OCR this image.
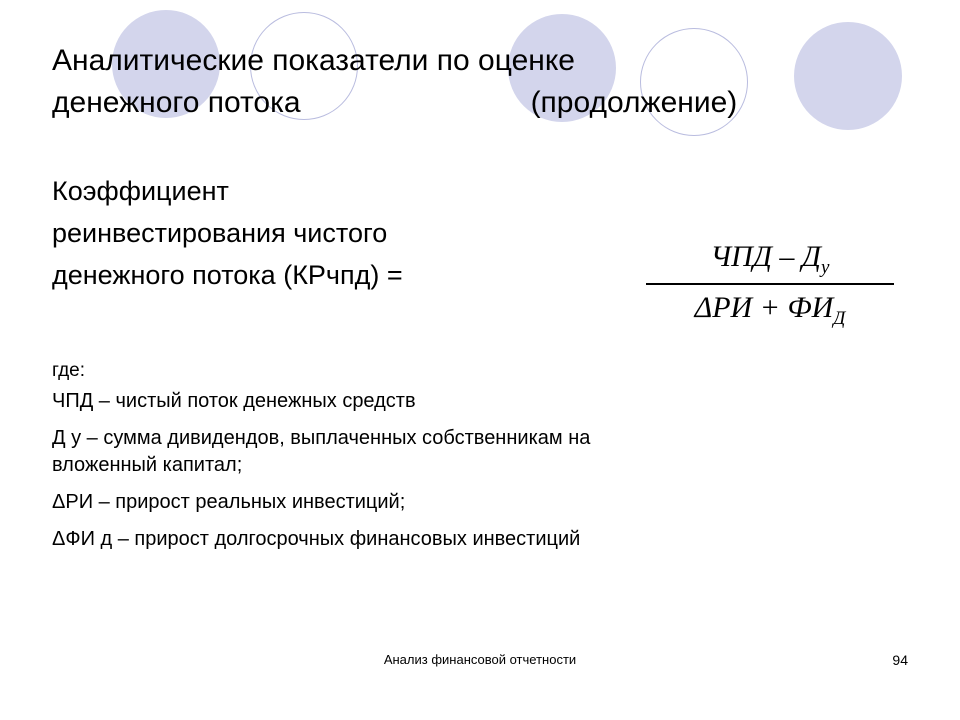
Аналитические показатели по оценке
денежного потока	(продолжение)
Коэффициент
реинвестирования чистого
денежного потока (КРчпд) =
ЧПД – $Д_у$
$\Delta РИ + ФИ_Д$
где:
ЧПД – чистый поток денежных средств
Д у – сумма дивидендов, выплаченных собственникам на вложенный капитал;
ΔРИ – прирост реальных инвестиций;
ΔФИ д – прирост долгосрочных финансовых инвестиций
Анализ финансовой отчетности	94
